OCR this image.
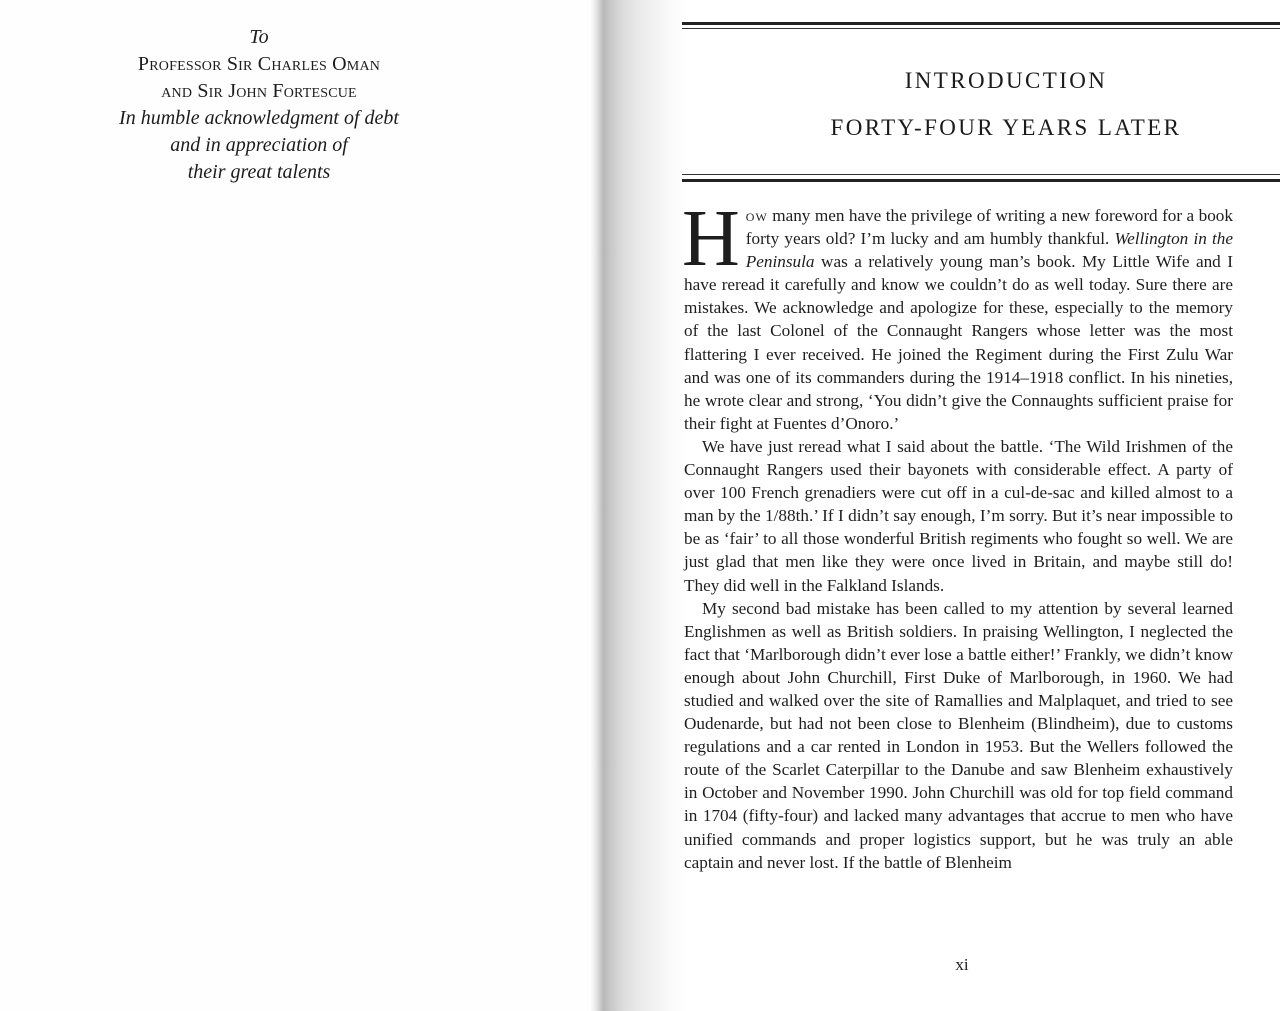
To
Professor Sir Charles Oman
and Sir John Fortescue
In humble acknowledgment of debt
and in appreciation of
their great talents
INTRODUCTION
FORTY-FOUR YEARS LATER

How many men have the privilege of writing a new foreword for a book forty years old? I’m lucky and am humbly thankful. Wellington in the Peninsula was a relatively young man’s book. My Little Wife and I have reread it carefully and know we couldn’t do as well today. Sure there are mistakes. We acknowledge and apologize for these, especially to the memory of the last Colonel of the Connaught Rangers whose letter was the most flattering I ever received. He joined the Regiment during the First Zulu War and was one of its commanders during the 1914–1918 conflict. In his nineties, he wrote clear and strong, ‘You didn’t give the Connaughts sufficient praise for their fight at Fuentes d’Onoro.’

We have just reread what I said about the battle. ‘The Wild Irishmen of the Connaught Rangers used their bayonets with considerable effect. A party of over 100 French grenadiers were cut off in a cul-de-sac and killed almost to a man by the 1/88th.’ If I didn’t say enough, I’m sorry. But it’s near impossible to be as ‘fair’ to all those wonderful British regiments who fought so well. We are just glad that men like they were once lived in Britain, and maybe still do! They did well in the Falkland Islands.

My second bad mistake has been called to my attention by several learned Englishmen as well as British soldiers. In praising Wellington, I neglected the fact that ‘Marlborough didn’t ever lose a battle either!’ Frankly, we didn’t know enough about John Churchill, First Duke of Marlborough, in 1960. We had studied and walked over the site of Ramallies and Malplaquet, and tried to see Oudenarde, but had not been close to Blenheim (Blindheim), due to customs regulations and a car rented in London in 1953. But the Wellers followed the route of the Scarlet Caterpillar to the Danube and saw Blenheim exhaustively in October and November 1990. John Churchill was old for top field command in 1704 (fifty-four) and lacked many advantages that accrue to men who have unified commands and proper logistics support, but he was truly an able captain and never lost. If the battle of Blenheim

xi
